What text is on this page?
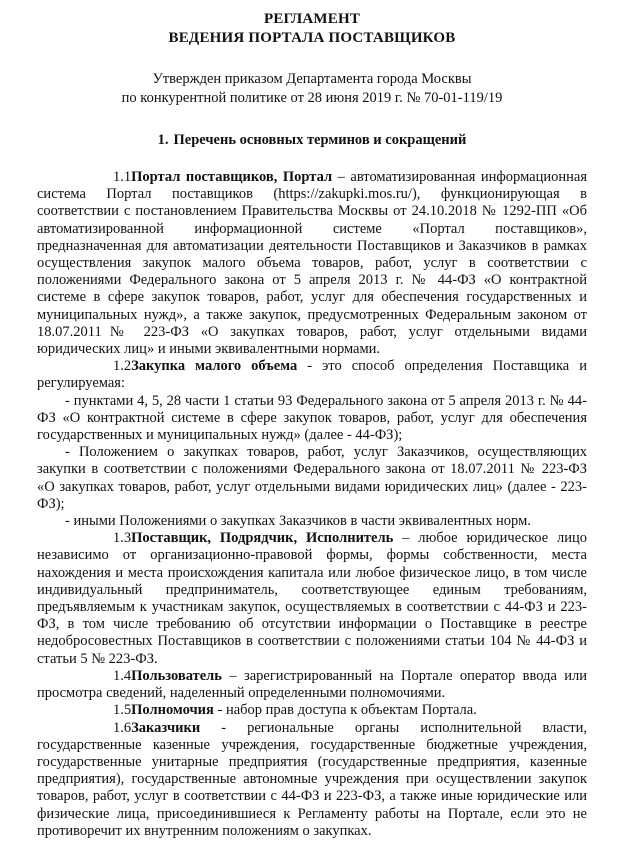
РЕГЛАМЕНТ
ВЕДЕНИЯ ПОРТАЛА ПОСТАВЩИКОВ
Утвержден приказом Департамента города Москвы
по конкурентной политике от 28 июня 2019 г. № 70-01-119/19
1. Перечень основных терминов и сокращений

1.1Портал поставщиков, Портал – автоматизированная информационная система Портал поставщиков (https://zakupki.mos.ru/), функционирующая в соответствии с постановлением Правительства Москвы от 24.10.2018 № 1292-ПП «Об автоматизированной информационной системе «Портал поставщиков», предназначенная для автоматизации деятельности Поставщиков и Заказчиков в рамках осуществления закупок малого объема товаров, работ, услуг в соответствии с положениями Федерального закона от 5 апреля 2013 г. № 44-ФЗ «О контрактной системе в сфере закупок товаров, работ, услуг для обеспечения государственных и муниципальных нужд», а также закупок, предусмотренных Федеральным законом от 18.07.2011№ 223-ФЗ «О закупках товаров, работ, услуг отдельными видами юридических лиц» и иными эквивалентными нормами.

1.2Закупка малого объема - это способ определения Поставщика и регулируемая:

- пунктами 4, 5, 28 части 1 статьи 93 Федерального закона от 5 апреля 2013 г. № 44-ФЗ «О контрактной системе в сфере закупок товаров, работ, услуг для обеспечения государственных и муниципальных нужд» (далее - 44-ФЗ);

- Положением о закупках товаров, работ, услуг Заказчиков, осуществляющих закупки в соответствии с положениями Федерального закона от 18.07.2011 № 223-ФЗ «О закупках товаров, работ, услуг отдельными видами юридических лиц» (далее - 223-ФЗ);

- иными Положениями о закупках Заказчиков в части эквивалентных норм.

1.3Поставщик, Подрядчик, Исполнитель – любое юридическое лицо независимо от организационно-правовой формы, формы собственности, места нахождения и места происхождения капитала или любое физическое лицо, в том числе индивидуальный предприниматель, соответствующее единым требованиям, предъявляемым к участникам закупок, осуществляемых в соответствии с 44-ФЗ и 223-ФЗ, в том числе требованию об отсутствии информации о Поставщике в реестре недобросовестных Поставщиков в соответствии с положениями статьи 104 № 44-ФЗ и статьи 5 № 223-ФЗ.

1.4Пользователь – зарегистрированный на Портале оператор ввода или просмотра сведений, наделенный определенными полномочиями.

1.5Полномочия - набор прав доступа к объектам Портала.

1.6Заказчики - региональные органы исполнительной власти, государственные казенные учреждения, государственные бюджетные учреждения, государственные унитарные предприятия (государственные предприятия, казенные предприятия), государственные автономные учреждения при осуществлении закупок товаров, работ, услуг в соответствии с 44-ФЗ и 223-ФЗ, а также иные юридические или физические лица, присоединившиеся к Регламенту работы на Портале, если это не противоречит их внутренним положениям о закупках.
